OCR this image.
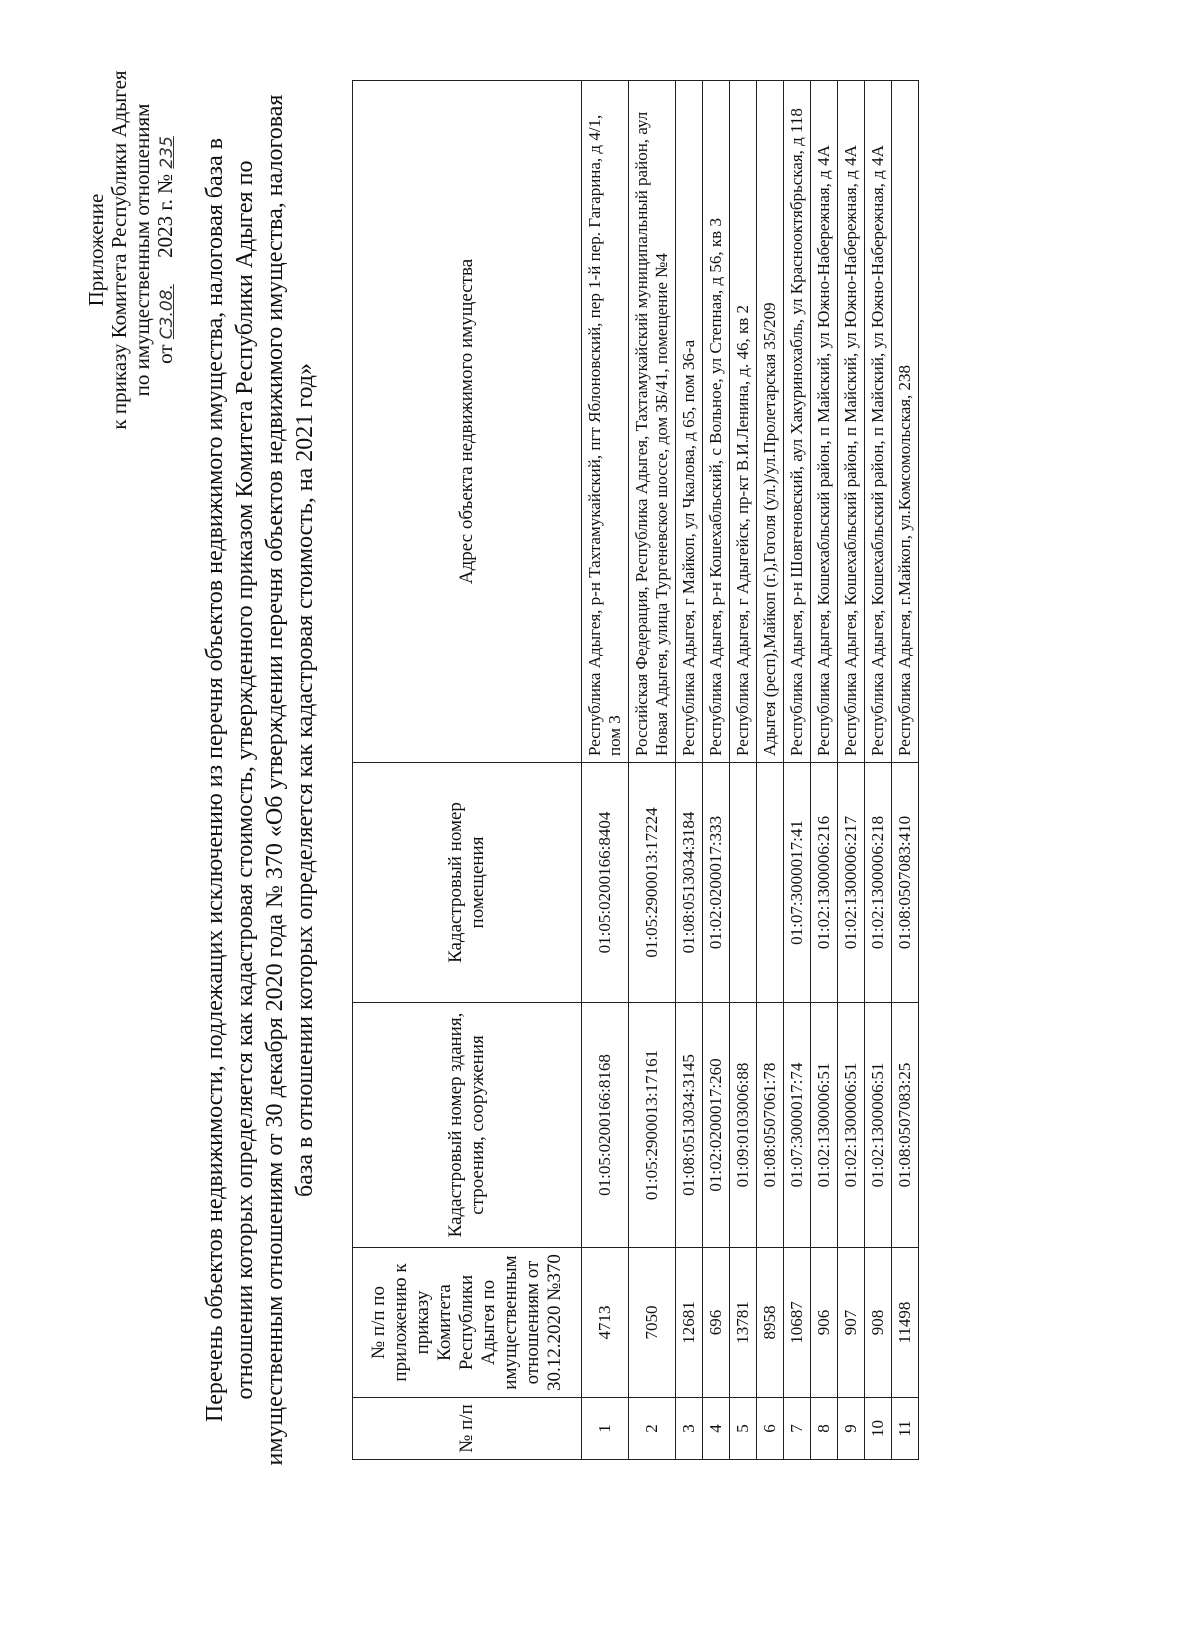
Приложение к приказу Комитета Республики Адыгея по имущественным отношениям от С3.08.     2023 г. № 235 Перечень объектов недвижимости, подлежащих исключению из перечня объектов недвижимого имущества, налоговая база в отношении которых определяется как кадастровая стоимость, утвержденного приказом Комитета Республики Адыгея по имущественным отношениям от 30 декабря 2020 года № 370 «Об утверждении перечня объектов недвижимого имущества, налоговая база в отношении которых определяется как кадастровая стоимость, на 2021 год»
№ п/п	№ п/п по приложению к приказу Комитета Республики Адыгея по имущественным отношениям от 30.12.2020 №370	Кадастровый номер здания, строения, сооружения	Кадастровый номер помещения	Адрес объекта недвижимого имущества
1	4713	01:05:0200166:8168	01:05:0200166:8404	Республика Адыгея, р-н Тахтамукайский, пгт Яблоновский, пер 1-й пер. Гагарина, д 4/1, пом 3
2	7050	01:05:2900013:17161	01:05:2900013:17224	Российская Федерация, Республика Адыгея, Тахтамукайский муниципальный район, аул Новая Адыгея, улица Тургеневское шоссе, дом 3Б/41, помещение №4
3	12681	01:08:0513034:3145	01:08:0513034:3184	Республика Адыгея, г Майкоп, ул Чкалова, д 65, пом 36-а
4	696	01:02:0200017:260	01:02:0200017:333	Республика Адыгея, р-н Кошехабльский, с Вольное, ул Степная, д 56, кв 3
5	13781	01:09:0103006:88		Республика Адыгея, г Адыгейск, пр-кт В.И.Ленина, д. 46, кв 2
6	8958	01:08:0507061:78		Адыгея (респ),Майкоп (г.),Гоголя (ул.)/ул.Пролетарская 35/209
7	10687	01:07:3000017:74	01:07:3000017:41	Республика Адыгея, р-н Шовгеновский, аул Хакуринохабль, ул Краснооктябрьская, д 118
8	906	01:02:1300006:51	01:02:1300006:216	Республика Адыгея, Кошехабльский район, п Майский, ул Южно-Набережная, д 4А
9	907	01:02:1300006:51	01:02:1300006:217	Республика Адыгея, Кошехабльский район, п Майский, ул Южно-Набережная, д 4А
10	908	01:02:1300006:51	01:02:1300006:218	Республика Адыгея, Кошехабльский район, п Майский, ул Южно-Набережная, д 4А
11	11498	01:08:0507083:25	01:08:0507083:410	Республика Адыгея, г.Майкоп, ул.Комсомольская, 238
